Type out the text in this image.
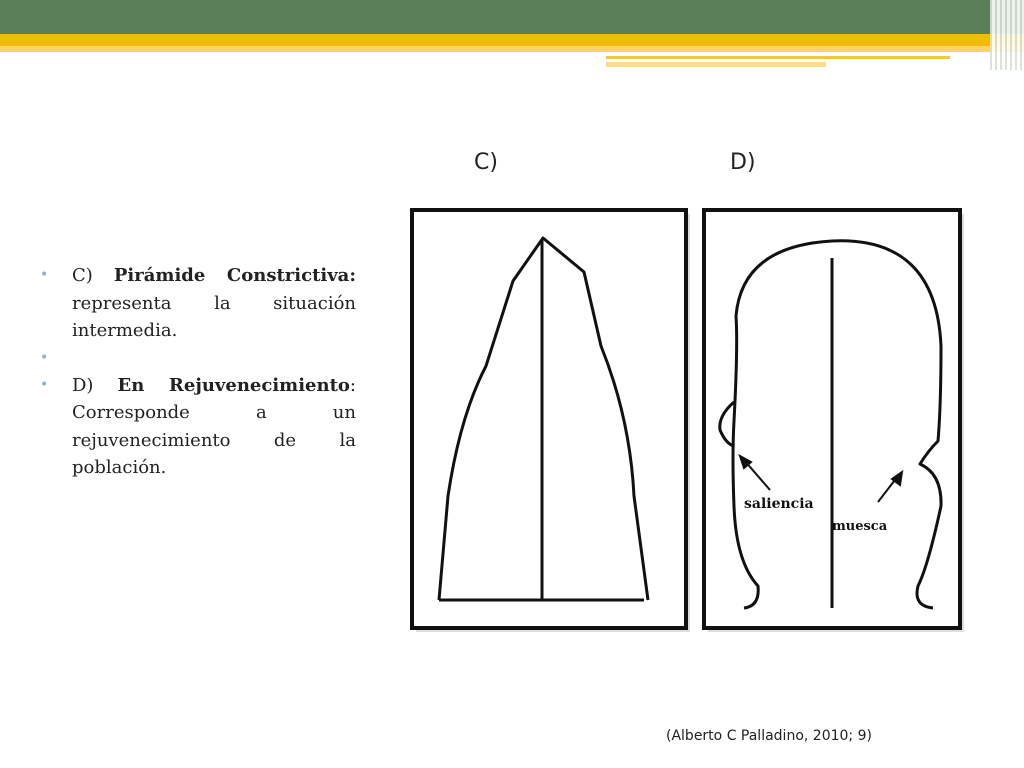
C)	D)
• C) Pirámide Constrictiva: representa la situación intermedia.
•
• D) En Rejuvenecimiento: Corresponde a un rejuvenecimiento de la población.
saliencia
muesca
(Alberto C Palladino, 2010; 9)
